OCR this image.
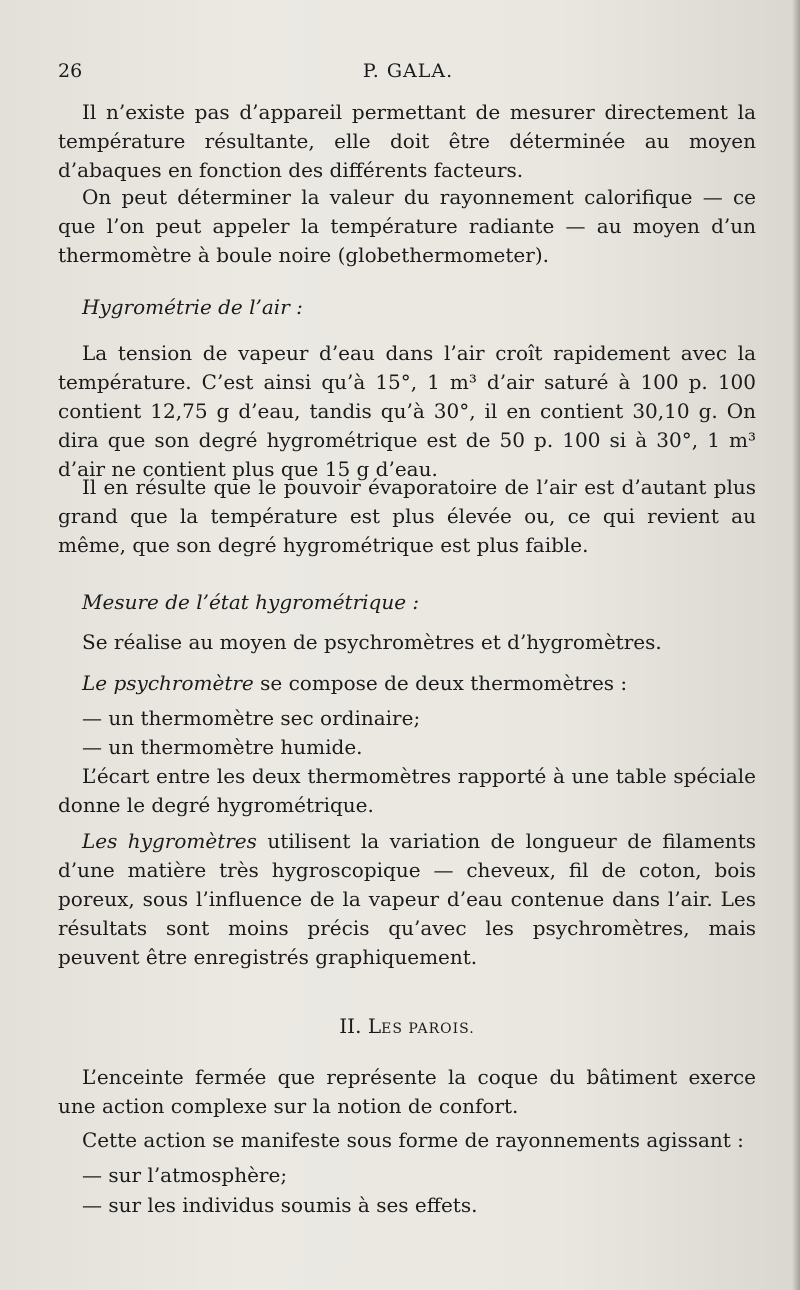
26	P. GALA.

Il n’existe pas d’appareil permettant de mesurer directement la température résultante, elle doit être déterminée au moyen d’abaques en fonction des différents facteurs.

On peut déterminer la valeur du rayonnement calorifique — ce que l’on peut appeler la température radiante — au moyen d’un thermomètre à boule noire (globethermometer).

Hygrométrie de l’air :

La tension de vapeur d’eau dans l’air croît rapidement avec la température. C’est ainsi qu’à 15°, 1 m³ d’air saturé à 100 p. 100 contient 12,75 g d’eau, tandis qu’à 30°, il en contient 30,10 g. On dira que son degré hygrométrique est de 50 p. 100 si à 30°, 1 m³ d’air ne contient plus que 15 g d’eau.

Il en résulte que le pouvoir évaporatoire de l’air est d’autant plus grand que la température est plus élevée ou, ce qui revient au même, que son degré hygrométrique est plus faible.

Mesure de l’état hygrométrique :

Se réalise au moyen de psychromètres et d’hygromètres.

Le psychromètre se compose de deux thermomètres :

— un thermomètre sec ordinaire;

— un thermomètre humide.

L’écart entre les deux thermomètres rapporté à une table spéciale donne le degré hygrométrique.

Les hygromètres utilisent la variation de longueur de filaments d’une matière très hygroscopique — cheveux, fil de coton, bois poreux, sous l’influence de la vapeur d’eau contenue dans l’air. Les résultats sont moins précis qu’avec les psychromètres, mais peuvent être enregistrés graphiquement.

II. LES PAROIS.

L’enceinte fermée que représente la coque du bâtiment exerce une action complexe sur la notion de confort.

Cette action se manifeste sous forme de rayonnements agissant :

— sur l’atmosphère;

— sur les individus soumis à ses effets.
